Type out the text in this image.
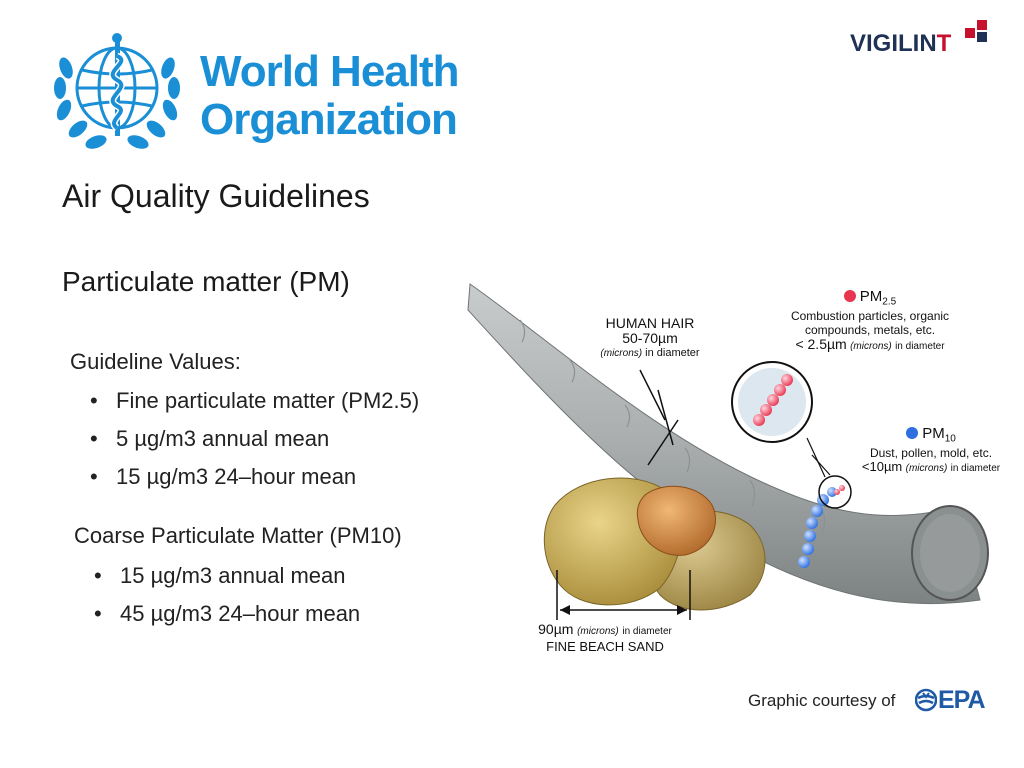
World Health
Organization
VIGILINT
Air Quality Guidelines
Particulate matter (PM)
Guideline Values:
• Fine particulate matter (PM2.5)
• 5 µg/m3 annual mean
• 15 µg/m3 24–hour mean
Coarse Particulate Matter (PM10)
• 15 µg/m3 annual mean
• 45 µg/m3 24–hour mean
HUMAN HAIR
50-70µm
(microns) in diameter
$PM_{2.5}$
Combustion particles, organic
compounds, metals, etc.
< 2.5µm (microns) in diameter
$PM_{10}$
Dust, pollen, mold, etc.
<10µm (microns) in diameter
90µm (microns) in diameter
FINE BEACH SAND
Graphic courtesy of EPA
